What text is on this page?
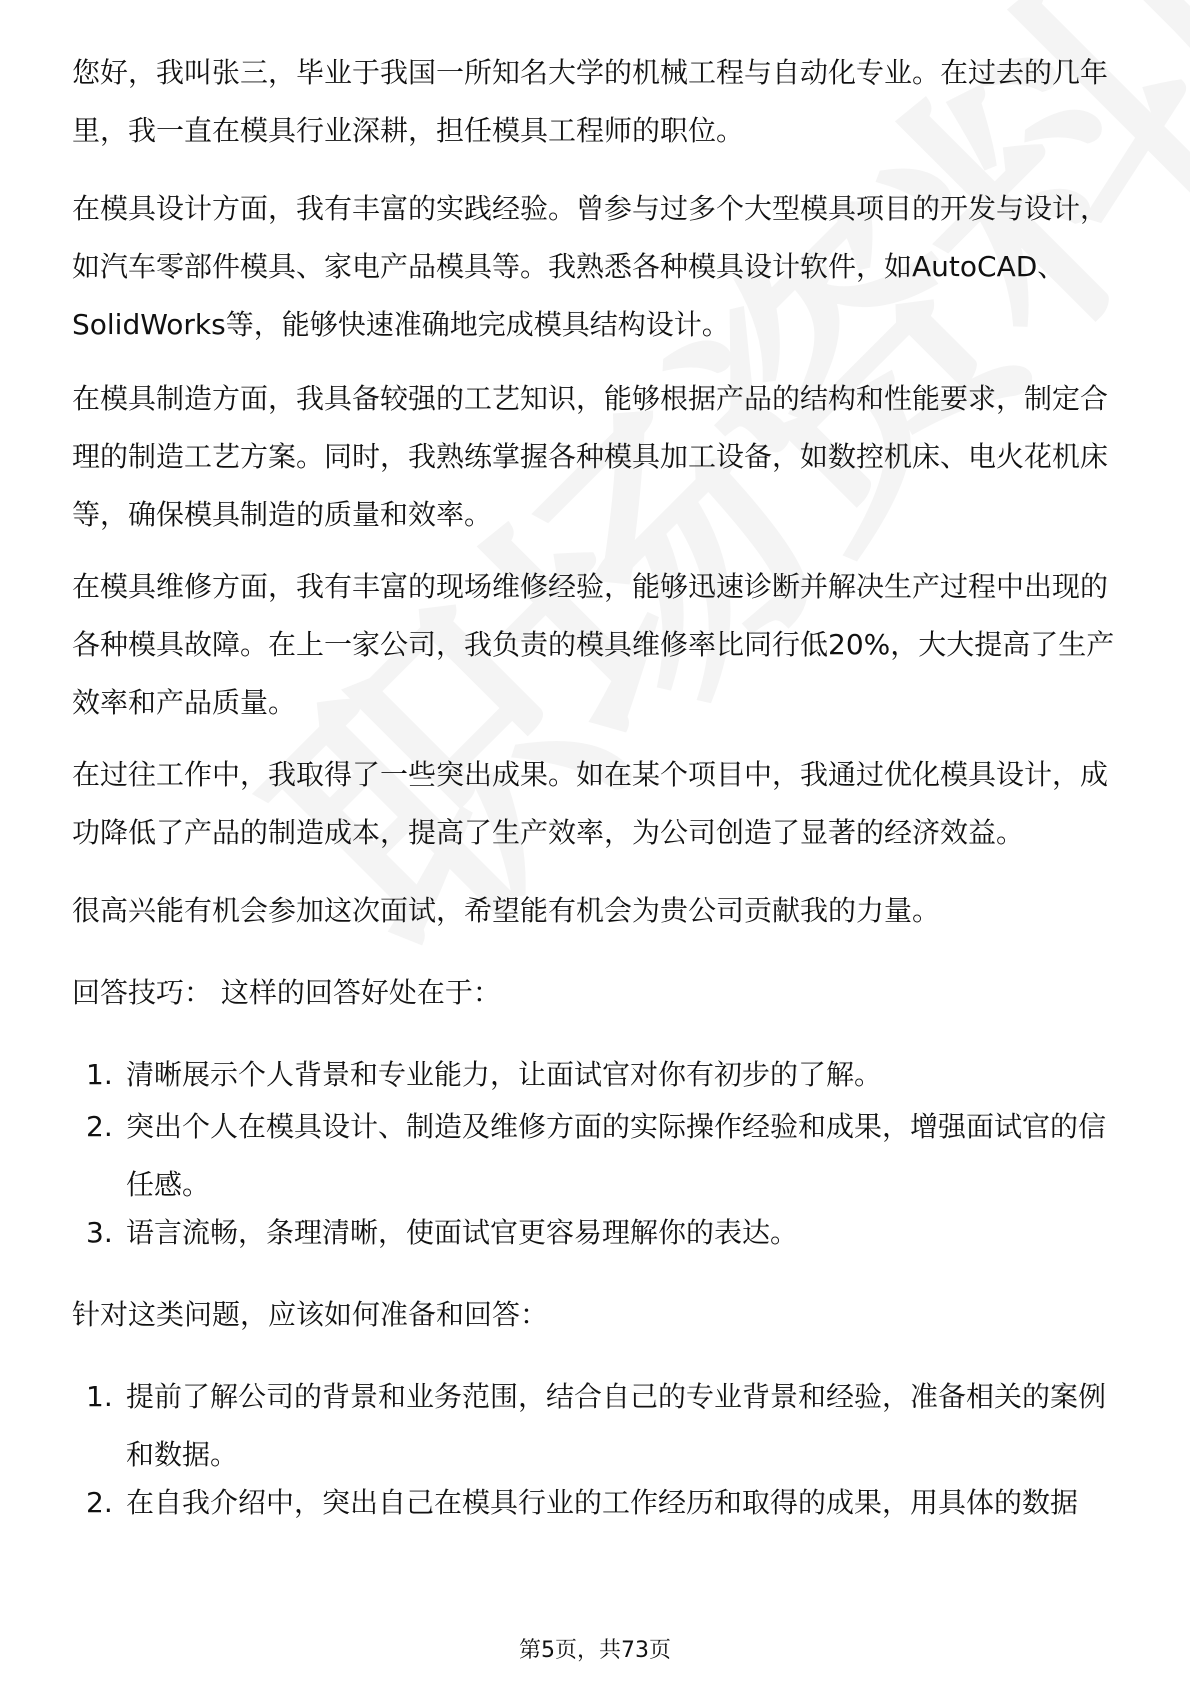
您好，我叫张三，毕业于我国一所知名大学的机械工程与自动化专业。在过去的几年里，我一直在模具行业深耕，担任模具工程师的职位。

在模具设计方面，我有丰富的实践经验。曾参与过多个大型模具项目的开发与设计，如汽车零部件模具、家电产品模具等。我熟悉各种模具设计软件，如AutoCAD、SolidWorks等，能够快速准确地完成模具结构设计。

在模具制造方面，我具备较强的工艺知识，能够根据产品的结构和性能要求，制定合理的制造工艺方案。同时，我熟练掌握各种模具加工设备，如数控机床、电火花机床等，确保模具制造的质量和效率。

在模具维修方面，我有丰富的现场维修经验，能够迅速诊断并解决生产过程中出现的各种模具故障。在上一家公司，我负责的模具维修率比同行低20%，大大提高了生产效率和产品质量。

在过往工作中，我取得了一些突出成果。如在某个项目中，我通过优化模具设计，成功降低了产品的制造成本，提高了生产效率，为公司创造了显著的经济效益。

很高兴能有机会参加这次面试，希望能有机会为贵公司贡献我的力量。

回答技巧： 这样的回答好处在于：

1. 清晰展示个人背景和专业能力，让面试官对你有初步的了解。
2. 突出个人在模具设计、制造及维修方面的实际操作经验和成果，增强面试官的信任感。
3. 语言流畅，条理清晰，使面试官更容易理解你的表达。

针对这类问题，应该如何准备和回答：

1. 提前了解公司的背景和业务范围，结合自己的专业背景和经验，准备相关的案例和数据。
2. 在自我介绍中，突出自己在模具行业的工作经历和取得的成果，用具体的数据
第5页，共73页
